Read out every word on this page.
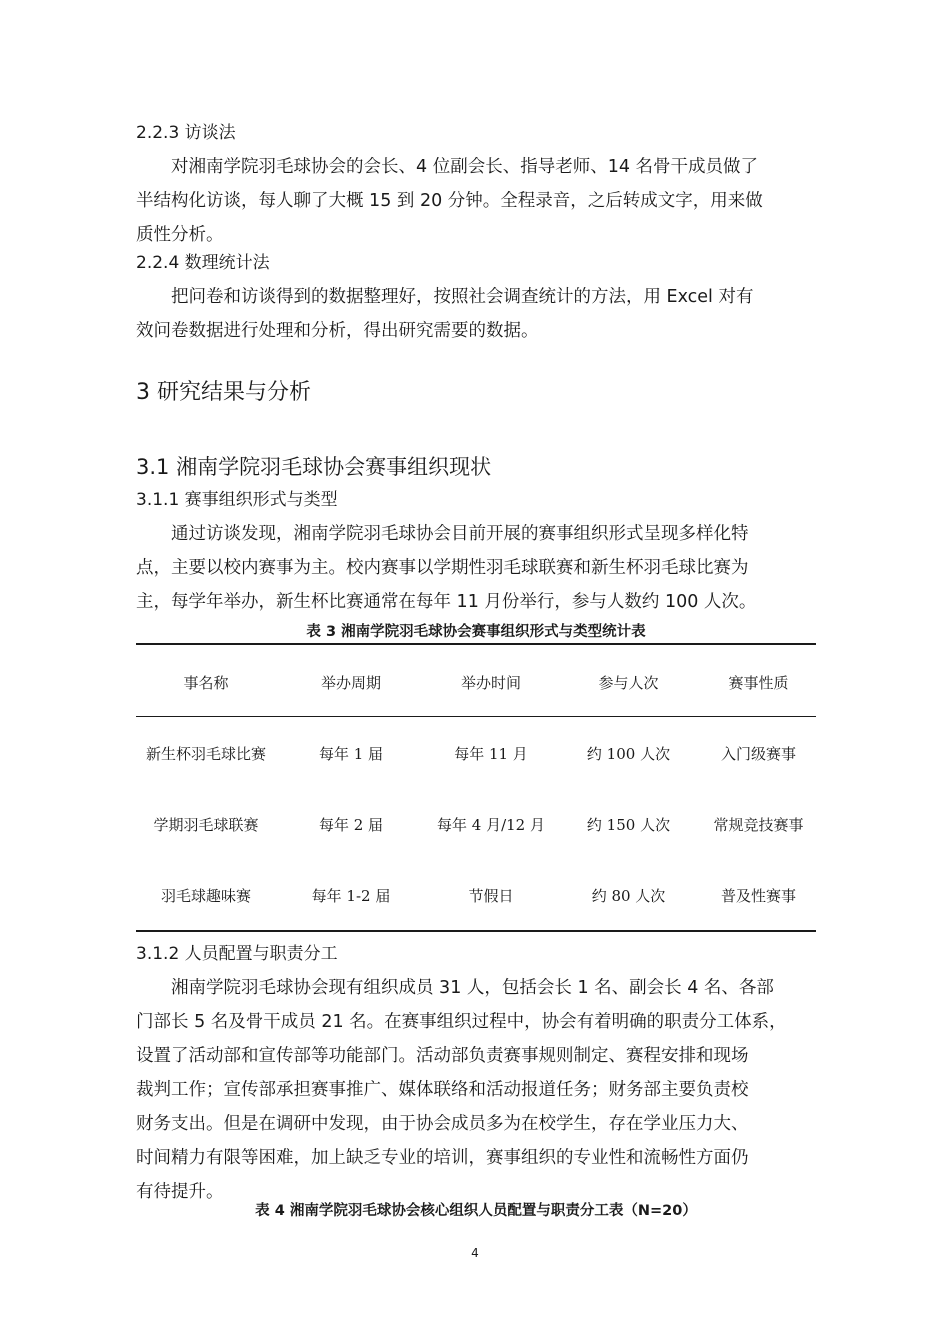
2.2.3 访谈法
对湘南学院羽毛球协会的会长、4 位副会长、指导老师、14 名骨干成员做了
半结构化访谈，每人聊了大概 15 到 20 分钟。全程录音，之后转成文字，用来做
质性分析。
2.2.4 数理统计法
把问卷和访谈得到的数据整理好，按照社会调查统计的方法，用 Excel 对有
效问卷数据进行处理和分析，得出研究需要的数据。
3 研究结果与分析
3.1 湘南学院羽毛球协会赛事组织现状
3.1.1 赛事组织形式与类型
通过访谈发现，湘南学院羽毛球协会目前开展的赛事组织形式呈现多样化特
点，主要以校内赛事为主。校内赛事以学期性羽毛球联赛和新生杯羽毛球比赛为
主，每学年举办，新生杯比赛通常在每年 11 月份举行，参与人数约 100 人次。
表 3 湘南学院羽毛球协会赛事组织形式与类型统计表
事名称	举办周期	举办时间	参与人次	赛事性质
新生杯羽毛球比赛	每年 1 届	每年 11 月	约 100 人次	入门级赛事
学期羽毛球联赛	每年 2 届	每年 4 月/12 月	约 150 人次	常规竞技赛事
羽毛球趣味赛	每年 1-2 届	节假日	约 80 人次	普及性赛事
3.1.2 人员配置与职责分工
湘南学院羽毛球协会现有组织成员 31 人，包括会长 1 名、副会长 4 名、各部
门部长 5 名及骨干成员 21 名。在赛事组织过程中，协会有着明确的职责分工体系，
设置了活动部和宣传部等功能部门。活动部负责赛事规则制定、赛程安排和现场
裁判工作；宣传部承担赛事推广、媒体联络和活动报道任务；财务部主要负责校
财务支出。但是在调研中发现，由于协会成员多为在校学生，存在学业压力大、
时间精力有限等困难，加上缺乏专业的培训，赛事组织的专业性和流畅性方面仍
有待提升。
表 4 湘南学院羽毛球协会核心组织人员配置与职责分工表（N=20）
4
